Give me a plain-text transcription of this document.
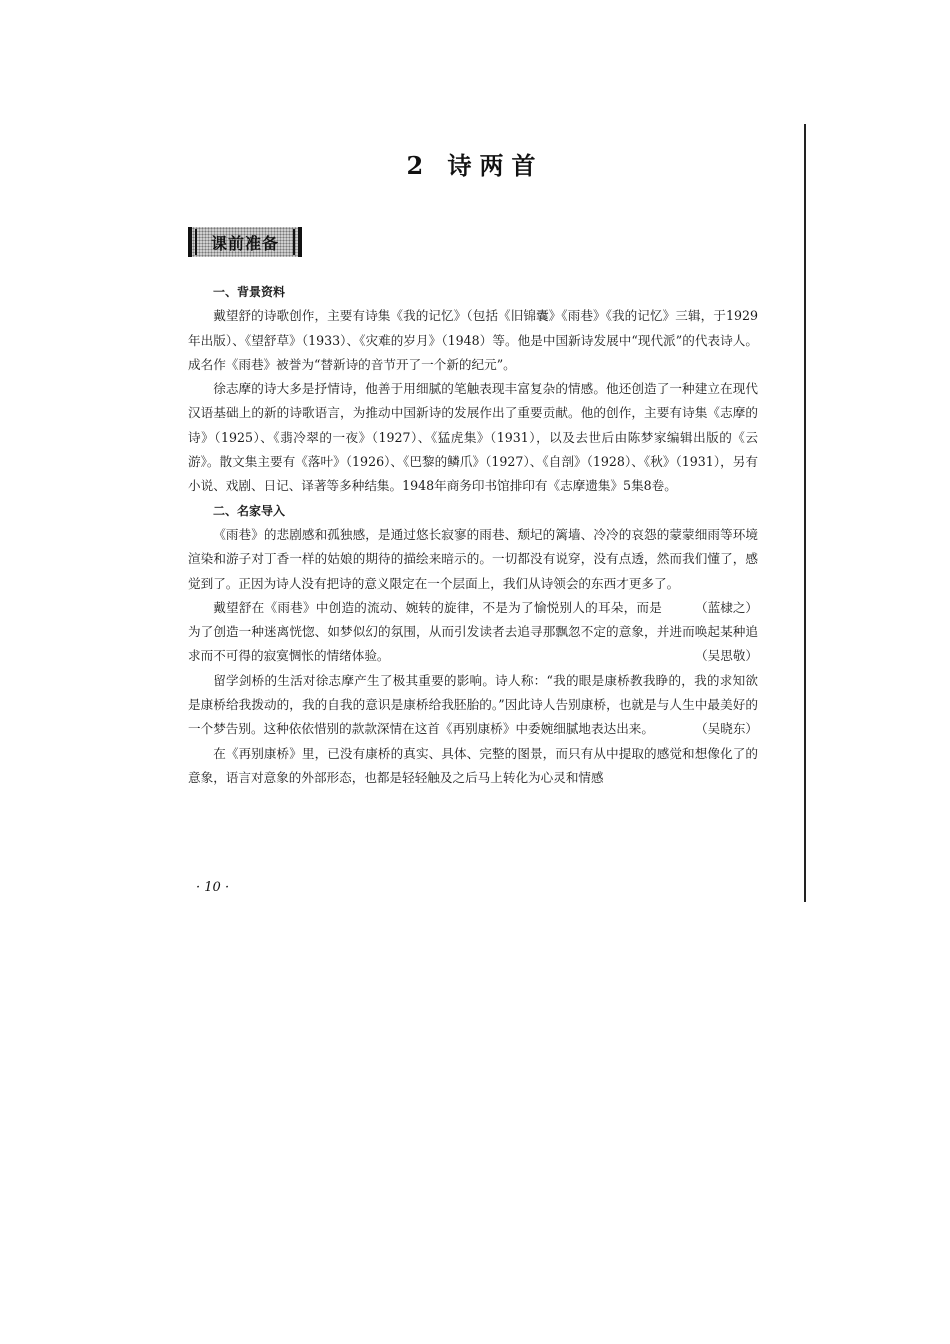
2 诗两首
课前准备

一、背景资料

戴望舒的诗歌创作，主要有诗集《我的记忆》（包括《旧锦囊》《雨巷》《我的记忆》三辑，于1929年出版）、《望舒草》（1933）、《灾难的岁月》（1948）等。他是中国新诗发展中“现代派”的代表诗人。成名作《雨巷》被誉为“替新诗的音节开了一个新的纪元”。

徐志摩的诗大多是抒情诗，他善于用细腻的笔触表现丰富复杂的情感。他还创造了一种建立在现代汉语基础上的新的诗歌语言，为推动中国新诗的发展作出了重要贡献。他的创作，主要有诗集《志摩的诗》（1925）、《翡冷翠的一夜》（1927）、《猛虎集》（1931），以及去世后由陈梦家编辑出版的《云游》。散文集主要有《落叶》（1926）、《巴黎的鳞爪》（1927）、《自剖》（1928）、《秋》（1931），另有小说、戏剧、日记、译著等多种结集。1948年商务印书馆排印有《志摩遗集》5集8卷。

二、名家导入

《雨巷》的悲剧感和孤独感，是通过悠长寂寥的雨巷、颓圮的篱墙、冷冷的哀怨的蒙蒙细雨等环境渲染和游子对丁香一样的姑娘的期待的描绘来暗示的。一切都没有说穿，没有点透，然而我们懂了，感觉到了。正因为诗人没有把诗的意义限定在一个层面上，我们从诗领会的东西才更多了。
（蓝棣之）

戴望舒在《雨巷》中创造的流动、婉转的旋律，不是为了愉悦别人的耳朵，而是为了创造一种迷离恍惚、如梦似幻的氛围，从而引发读者去追寻那飘忽不定的意象，并进而唤起某种追求而不可得的寂寞惆怅的情绪体验。	（吴思敬）

留学剑桥的生活对徐志摩产生了极其重要的影响。诗人称：“我的眼是康桥教我睁的，我的求知欲是康桥给我拨动的，我的自我的意识是康桥给我胚胎的。”因此诗人告别康桥，也就是与人生中最美好的一个梦告别。这种依依惜别的款款深情在这首《再别康桥》中委婉细腻地表达出来。	（吴晓东）

在《再别康桥》里，已没有康桥的真实、具体、完整的图景，而只有从中提取的感觉和想像化了的意象，语言对意象的外部形态，也都是轻轻触及之后马上转化为心灵和情感

· 10 ·
